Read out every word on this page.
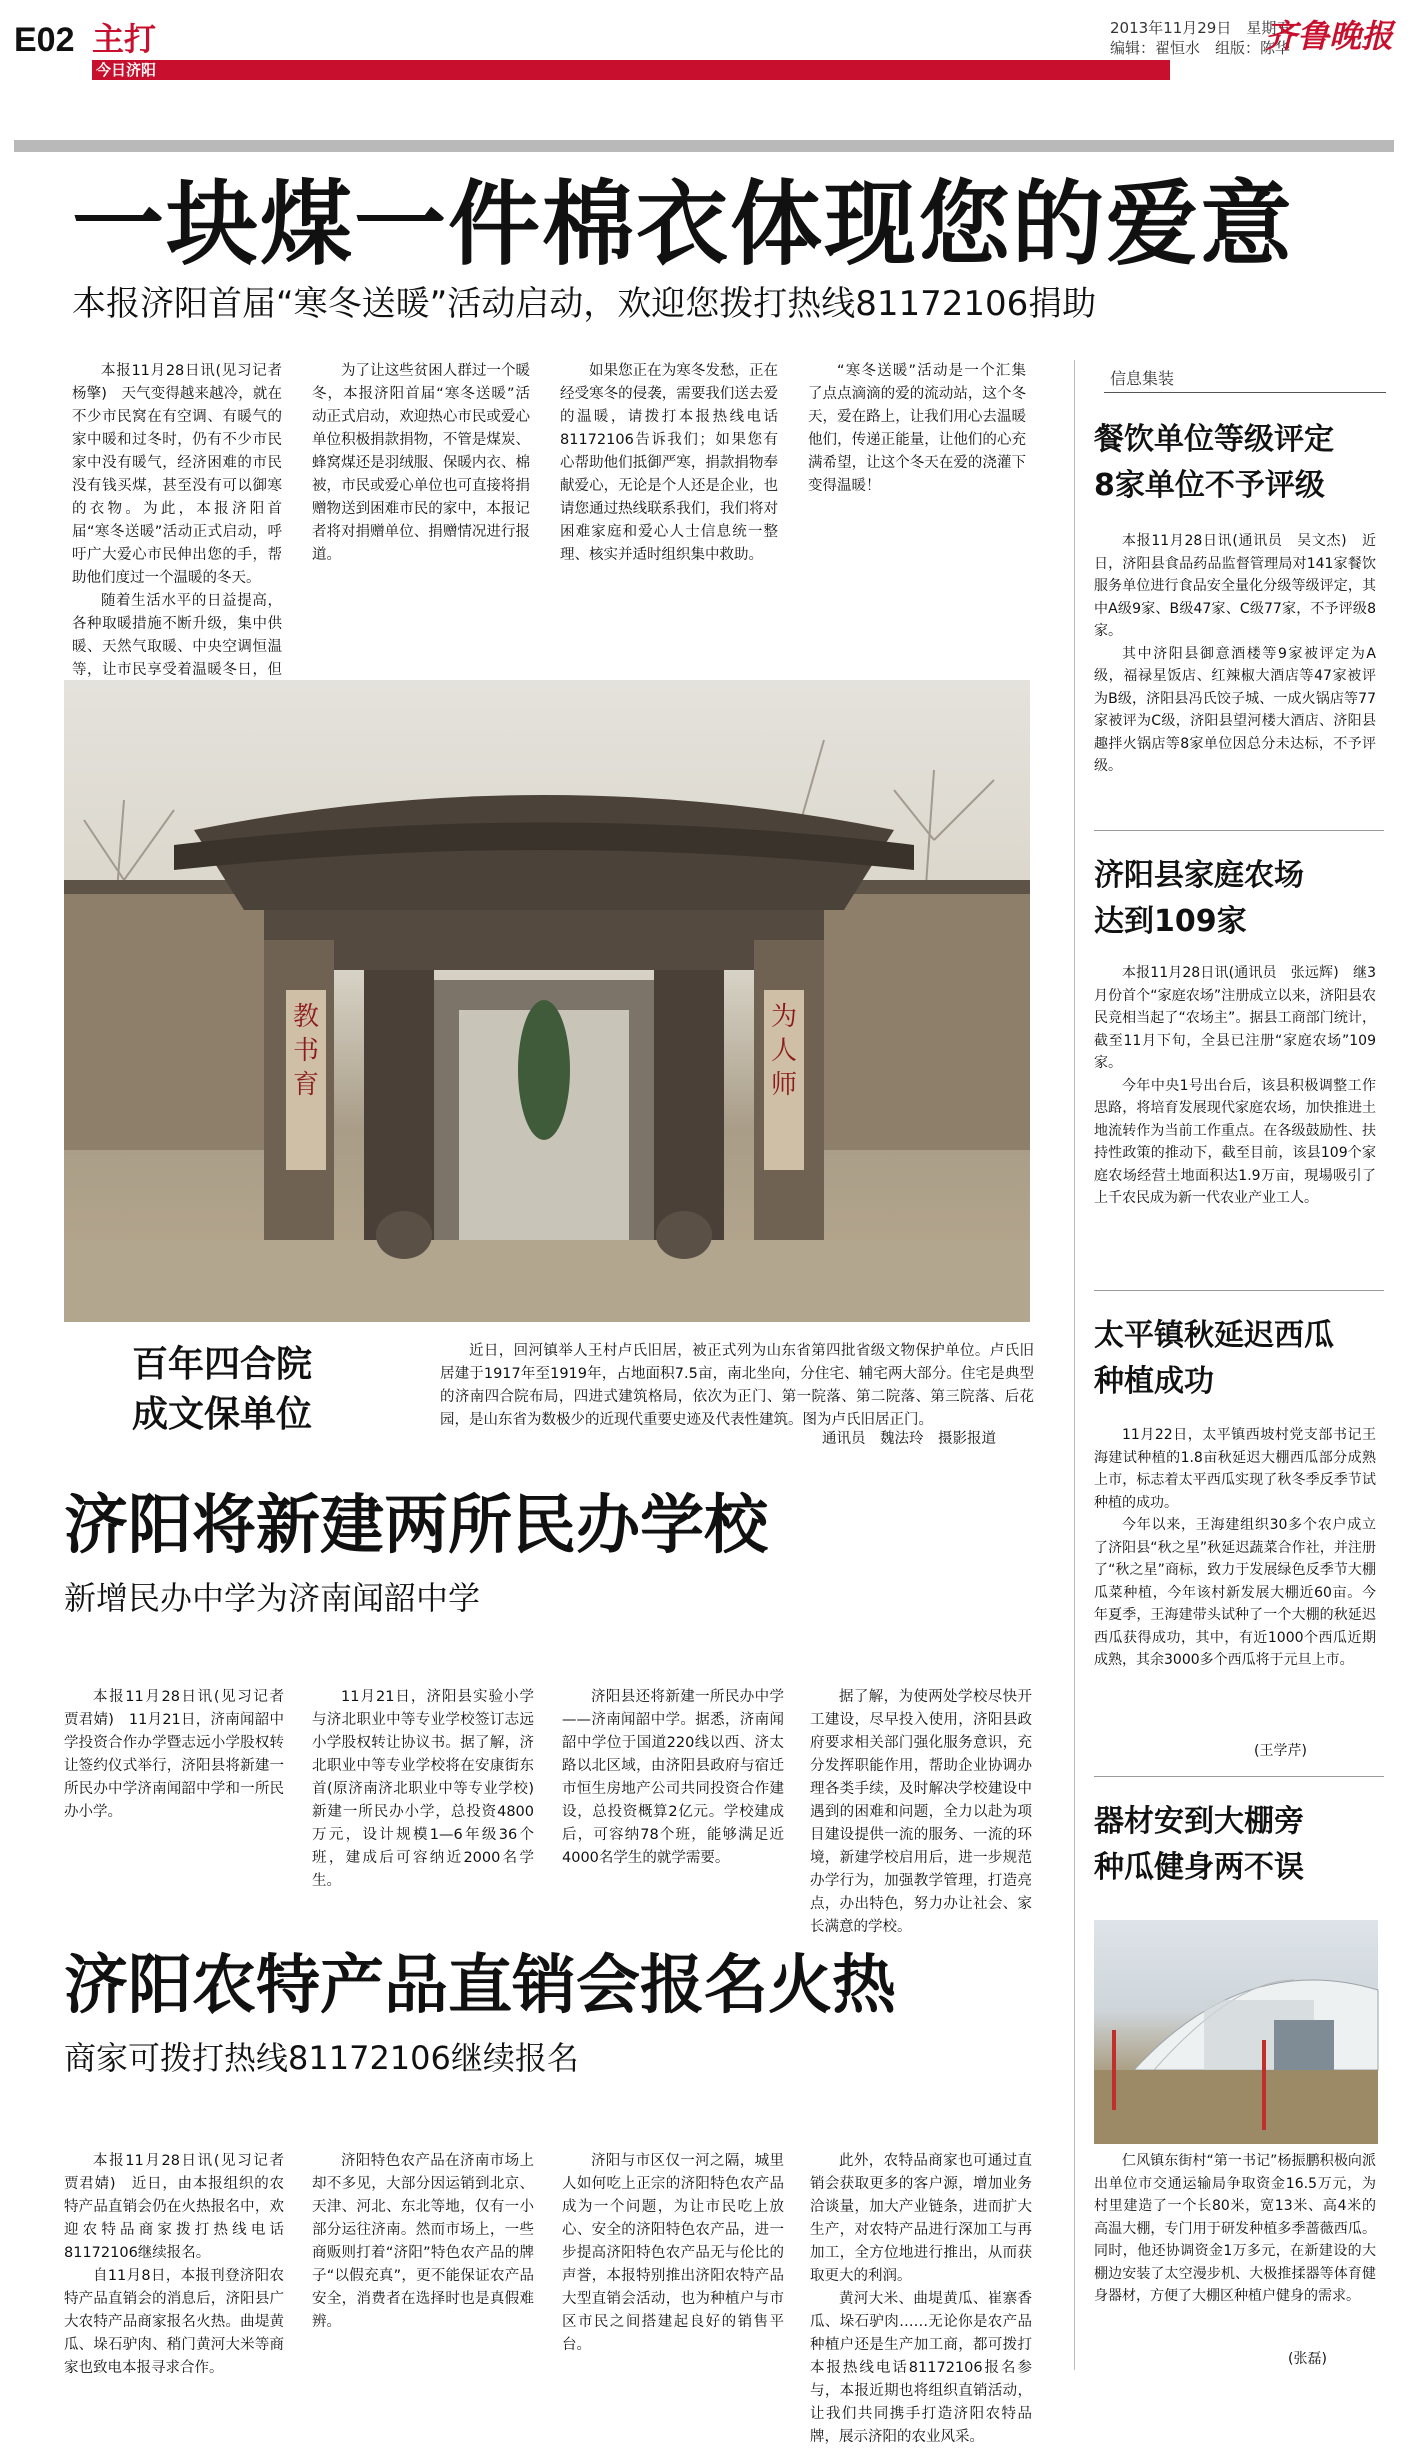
E02 主打
今日济阳
2013年11月29日　星期五
编辑：翟恒水　组版：陈华
齐鲁晚报
一块煤一件棉衣体现您的爱意
本报济阳首届“寒冬送暖”活动启动，欢迎您拨打热线81172106捐助

本报11月28日讯(见习记者　杨擎)　天气变得越来越冷，就在不少市民窝在有空调、有暖气的家中暖和过冬时，仍有不少市民家中没有暖气，经济困难的市民没有钱买煤，甚至没有可以御寒的衣物。为此，本报济阳首届“寒冬送暖”活动正式启动，呼吁广大爱心市民伸出您的手，帮助他们度过一个温暖的冬天。

随着生活水平的日益提高，各种取暖措施不断升级，集中供暖、天然气取暖、中央空调恒温等，让市民享受着温暖冬日，但

为了让这些贫困人群过一个暖冬，本报济阳首届“寒冬送暖”活动正式启动，欢迎热心市民或爱心单位积极捐款捐物，不管是煤炭、蜂窝煤还是羽绒服、保暖内衣、棉被，市民或爱心单位也可直接将捐赠物送到困难市民的家中，本报记者将对捐赠单位、捐赠情况进行报道。

如果您正在为寒冬发愁，正在经受寒冬的侵袭，需要我们送去爱的温暖，请拨打本报热线电话81172106告诉我们；如果您有心帮助他们抵御严寒，捐款捐物奉献爱心，无论是个人还是企业，也请您通过热线联系我们，我们将对困难家庭和爱心人士信息统一整理、核实并适时组织集中救助。

“寒冬送暖”活动是一个汇集了点点滴滴的爱的流动站，这个冬天，爱在路上，让我们用心去温暖他们，传递正能量，让他们的心充满希望，让这个冬天在爱的浇灌下变得温暖！

教书育
为人师
百年四合院
成文保单位

近日，回河镇举人王村卢氏旧居，被正式列为山东省第四批省级文物保护单位。卢氏旧居建于1917年至1919年，占地面积7.5亩，南北坐向，分住宅、辅宅两大部分。住宅是典型的济南四合院布局，四进式建筑格局，依次为正门、第一院落、第二院落、第三院落、后花园，是山东省为数极少的近现代重要史迹及代表性建筑。图为卢氏旧居正门。

通讯员　魏法玲　摄影报道
济阳将新建两所民办学校
新增民办中学为济南闻韶中学

本报11月28日讯(见习记者　贾君婧)　11月21日，济南闻韶中学投资合作办学暨志远小学股权转让签约仪式举行，济阳县将新建一所民办中学济南闻韶中学和一所民办小学。

11月21日，济阳县实验小学与济北职业中等专业学校签订志远小学股权转让协议书。据了解，济北职业中等专业学校将在安康街东首(原济南济北职业中等专业学校)新建一所民办小学，总投资4800万元，设计规模1—6年级36个班，建成后可容纳近2000名学生。

济阳县还将新建一所民办中学——济南闻韶中学。据悉，济南闻韶中学位于国道220线以西、济太路以北区域，由济阳县政府与宿迁市恒生房地产公司共同投资合作建设，总投资概算2亿元。学校建成后，可容纳78个班，能够满足近4000名学生的就学需要。

据了解，为使两处学校尽快开工建设，尽早投入使用，济阳县政府要求相关部门强化服务意识，充分发挥职能作用，帮助企业协调办理各类手续，及时解决学校建设中遇到的困难和问题，全力以赴为项目建设提供一流的服务、一流的环境，新建学校启用后，进一步规范办学行为，加强教学管理，打造亮点，办出特色，努力办让社会、家长满意的学校。

济阳农特产品直销会报名火热
商家可拨打热线81172106继续报名

本报11月28日讯(见习记者　贾君婧)　近日，由本报组织的农特产品直销会仍在火热报名中，欢迎农特品商家拨打热线电话81172106继续报名。

自11月8日，本报刊登济阳农特产品直销会的消息后，济阳县广大农特产品商家报名火热。曲堤黄瓜、垛石驴肉、稍门黄河大米等商家也致电本报寻求合作。

济阳特色农产品在济南市场上却不多见，大部分因运销到北京、天津、河北、东北等地，仅有一小部分运往济南。然而市场上，一些商贩则打着“济阳”特色农产品的牌子“以假充真”，更不能保证农产品安全，消费者在选择时也是真假难辨。

济阳与市区仅一河之隔，城里人如何吃上正宗的济阳特色农产品成为一个问题，为让市民吃上放心、安全的济阳特色农产品，进一步提高济阳特色农产品无与伦比的声誉，本报特别推出济阳农特产品大型直销会活动，也为种植户与市区市民之间搭建起良好的销售平台。

此外，农特品商家也可通过直销会获取更多的客户源，增加业务洽谈量，加大产业链条，进而扩大生产，对农特产品进行深加工与再加工，全方位地进行推出，从而获取更大的利润。

黄河大米、曲堤黄瓜、崔寨香瓜、垛石驴肉……无论你是农产品种植户还是生产加工商，都可拨打本报热线电话81172106报名参与，本报近期也将组织直销活动，让我们共同携手打造济阳农特品牌，展示济阳的农业风采。

信息集装
餐饮单位等级评定
8家单位不予评级

本报11月28日讯(通讯员　吴文杰)　近日，济阳县食品药品监督管理局对141家餐饮服务单位进行食品安全量化分级等级评定，其中A级9家、B级47家、C级77家，不予评级8家。

其中济阳县御意酒楼等9家被评定为A级，福禄星饭店、红辣椒大酒店等47家被评为B级，济阳县冯氏饺子城、一成火锅店等77家被评为C级，济阳县望河楼大酒店、济阳县趣拌火锅店等8家单位因总分未达标，不予评级。

济阳县家庭农场
达到109家

本报11月28日讯(通讯员　张远辉)　继3月份首个“家庭农场”注册成立以来，济阳县农民竞相当起了“农场主”。据县工商部门统计，截至11月下旬，全县已注册“家庭农场”109家。

今年中央1号出台后，该县积极调整工作思路，将培育发展现代家庭农场，加快推进土地流转作为当前工作重点。在各级鼓励性、扶持性政策的推动下，截至目前，该县109个家庭农场经营土地面积达1.9万亩，現場吸引了上千农民成为新一代农业产业工人。

太平镇秋延迟西瓜
种植成功

11月22日，太平镇西坡村党支部书记王海建试种植的1.8亩秋延迟大棚西瓜部分成熟上市，标志着太平西瓜实现了秋冬季反季节试种植的成功。

今年以来，王海建组织30多个农户成立了济阳县“秋之星”秋延迟蔬菜合作社，并注册了“秋之星”商标，致力于发展绿色反季节大棚瓜菜种植，今年该村新发展大棚近60亩。今年夏季，王海建带头试种了一个大棚的秋延迟西瓜获得成功，其中，有近1000个西瓜近期成熟，其余3000多个西瓜将于元旦上市。

(王学芹)
器材安到大棚旁
种瓜健身两不误

仁风镇东街村“第一书记”杨振鹏积极向派出单位市交通运输局争取资金16.5万元，为村里建造了一个长80米，宽13米、高4米的高温大棚，专门用于研发种植多季蔷薇西瓜。同时，他还协调资金1万多元，在新建设的大棚边安装了太空漫步机、大极推揉器等体育健身器材，方便了大棚区种植户健身的需求。

(张磊)
